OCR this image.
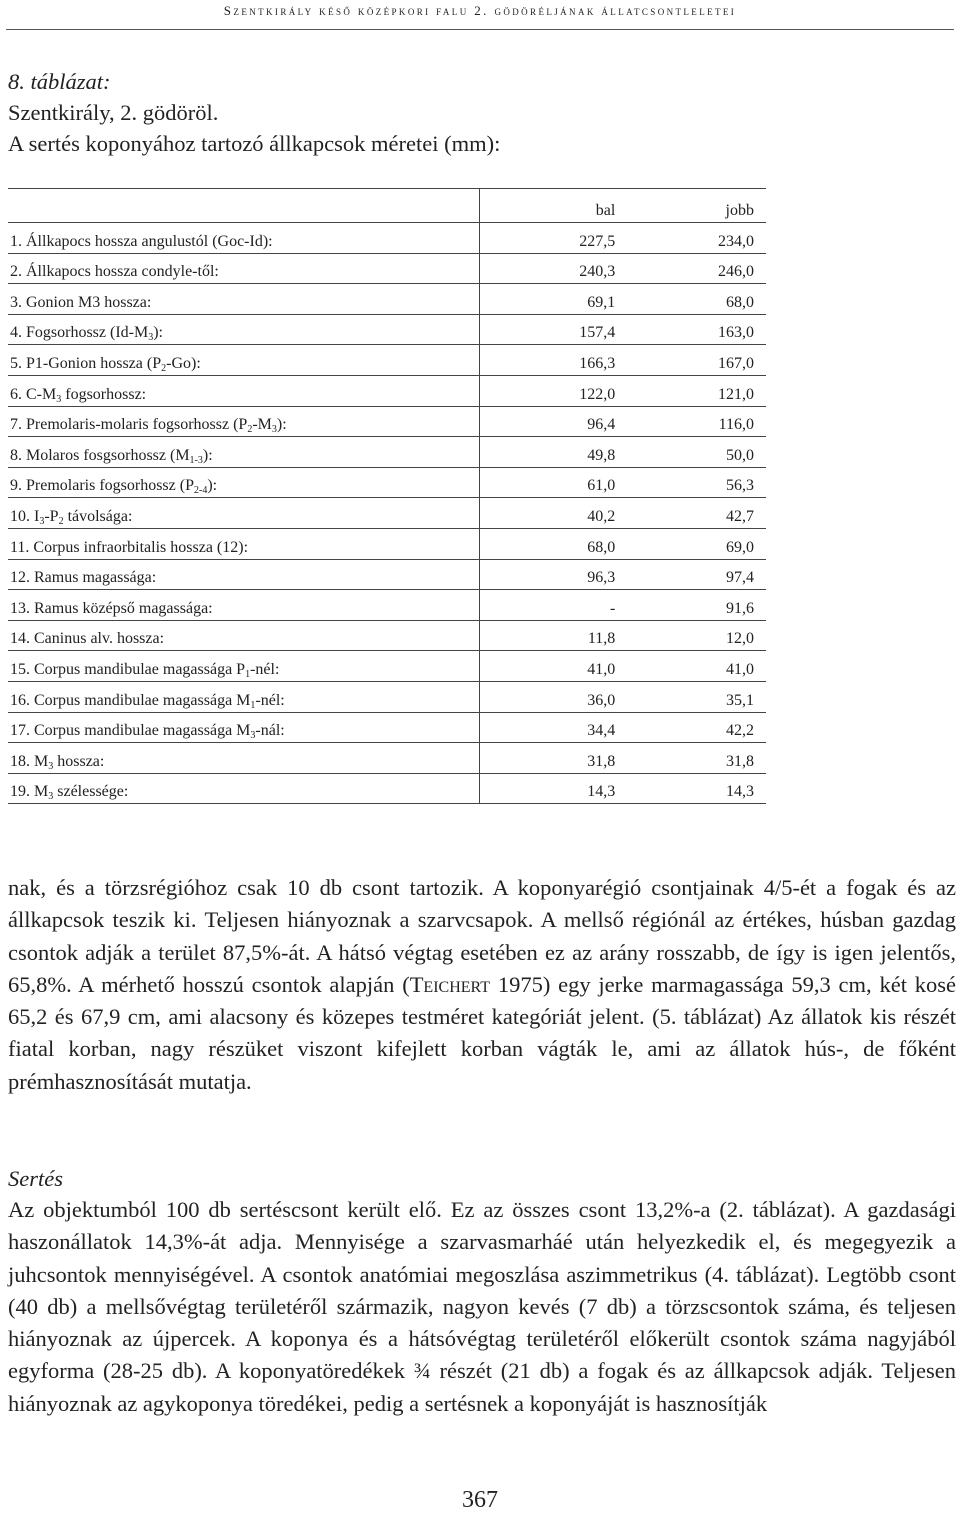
Szentkirály késő középkori falu 2. gödöréljának állatcsontleletei
8. táblázat:
Szentkirály, 2. gödöröl.
A sertés koponyához tartozó állkapcsok méretei (mm):
	bal	jobb
1. Állkapocs hossza angulustól (Goc-Id):	227,5	234,0
2. Állkapocs hossza condyle-től:	240,3	246,0
3. Gonion M3 hossza:	69,1	68,0
4. Fogsorhossz $(Id-M_3)$:	157,4	163,0
5. P1-Gonion hossza $(P_2-Go)$:	166,3	167,0
6. $C-M_3$ fogsorhossz:	122,0	121,0
7. Premolaris-molaris fogsorhossz $(P_2-M_3)$:	96,4	116,0
8. Molaros fosgsorhossz $(M_{1-3})$:	49,8	50,0
9. Premolaris fogsorhossz $(P_{2-4})$:	61,0	56,3
10. $I_3-P_2$ távolsága:	40,2	42,7
11. Corpus infraorbitalis hossza (12):	68,0	69,0
12. Ramus magassága:	96,3	97,4
13. Ramus középső magassága:	-	91,6
14. Caninus alv. hossza:	11,8	12,0
15. Corpus mandibulae magassága $P_1$-nél:	41,0	41,0
16. Corpus mandibulae magassága $M_1$-nél:	36,0	35,1
17. Corpus mandibulae magassága $M_3$-nál:	34,4	42,2
18. $M_3$ hossza:	31,8	31,8
19. $M_3$ szélessége:	14,3	14,3
nak, és a törzsrégióhoz csak 10 db csont tartozik. A koponyarégió csontjainak 4/5-ét a fogak és az állkapcsok teszik ki. Teljesen hiányoznak a szarvcsapok. A mellső régiónál az értékes, húsban gazdag csontok adják a terület 87,5%-át. A hátsó végtag esetében ez az arány rosszabb, de így is igen jelentős, 65,8%. A mérhető hosszú csontok alapján (Teichert 1975) egy jerke marmagassága 59,3 cm, két kosé 65,2 és 67,9 cm, ami alacsony és közepes testméret kategóriát jelent. (5. táblázat) Az állatok kis részét fiatal korban, nagy részüket viszont kifejlett korban vágták le, ami az állatok hús-, de főként prémhasznosítását mutatja.
Sertés
Az objektumból 100 db sertéscsont került elő. Ez az összes csont 13,2%-a (2. táblázat). A gazdasági haszonállatok 14,3%-át adja. Mennyisége a szarvasmarháé után helyezkedik el, és megegyezik a juhcsontok mennyiségével. A csontok anatómiai megoszlása aszimmetrikus (4. táblázat). Legtöbb csont (40 db) a mellsővégtag területéről származik, nagyon kevés (7 db) a törzscsontok száma, és teljesen hiányoznak az újpercek. A koponya és a hátsóvégtag területéről előkerült csontok száma nagyjából egyforma (28-25 db). A koponyatöredékek ¾ részét (21 db) a fogak és az állkapcsok adják. Teljesen hiányoznak az agykoponya töredékei, pedig a sertésnek a koponyáját is hasznosítják
367
